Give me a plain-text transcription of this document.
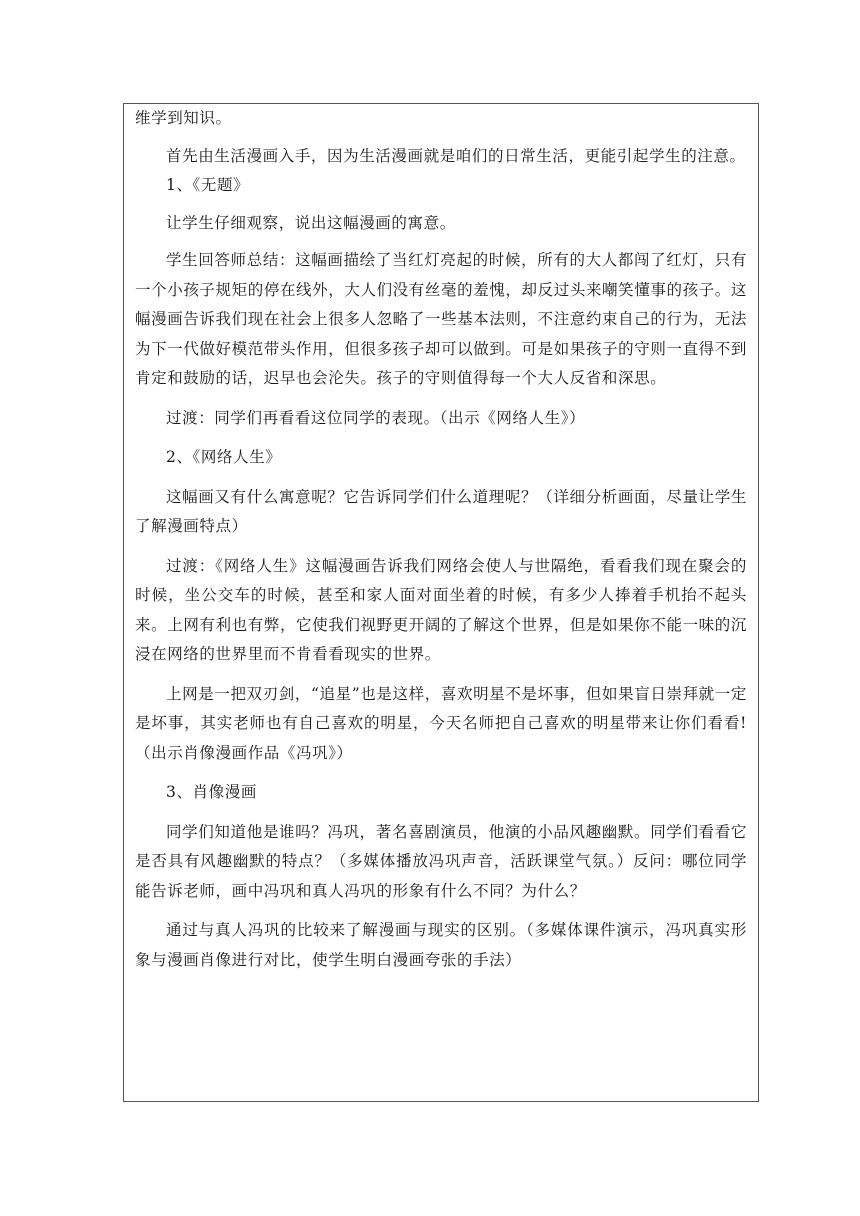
维学到知识。

首先由生活漫画入手，因为生活漫画就是咱们的日常生活，更能引起学生的注意。

1、《无题》

让学生仔细观察，说出这幅漫画的寓意。

学生回答师总结：这幅画描绘了当红灯亮起的时候，所有的大人都闯了红灯，只有一个小孩子规矩的停在线外，大人们没有丝毫的羞愧，却反过头来嘲笑懂事的孩子。这幅漫画告诉我们现在社会上很多人忽略了一些基本法则，不注意约束自己的行为，无法为下一代做好模范带头作用，但很多孩子却可以做到。可是如果孩子的守则一直得不到肯定和鼓励的话，迟早也会沦失。孩子的守则值得每一个大人反省和深思。

过渡：同学们再看看这位同学的表现。（出示《网络人生》）

2、《网络人生》

这幅画又有什么寓意呢？它告诉同学们什么道理呢？（详细分析画面，尽量让学生了解漫画特点）

过渡：《网络人生》这幅漫画告诉我们网络会使人与世隔绝，看看我们现在聚会的时候，坐公交车的时候，甚至和家人面对面坐着的时候，有多少人捧着手机抬不起头来。上网有利也有弊，它使我们视野更开阔的了解这个世界，但是如果你不能一味的沉浸在网络的世界里而不肯看看现实的世界。

上网是一把双刃剑，“追星”也是这样，喜欢明星不是坏事，但如果盲日崇拜就一定是坏事，其实老师也有自己喜欢的明星，今天名师把自己喜欢的明星带来让你们看看!（出示肖像漫画作品《冯巩》）

3、肖像漫画

同学们知道他是谁吗？冯巩，著名喜剧演员，他演的小品风趣幽默。同学们看看它是否具有风趣幽默的特点？（多媒体播放冯巩声音，活跃课堂气氛。）反问：哪位同学能告诉老师，画中冯巩和真人冯巩的形象有什么不同？为什么？

通过与真人冯巩的比较来了解漫画与现实的区别。（多媒体课件演示，冯巩真实形象与漫画肖像进行对比，使学生明白漫画夸张的手法）
